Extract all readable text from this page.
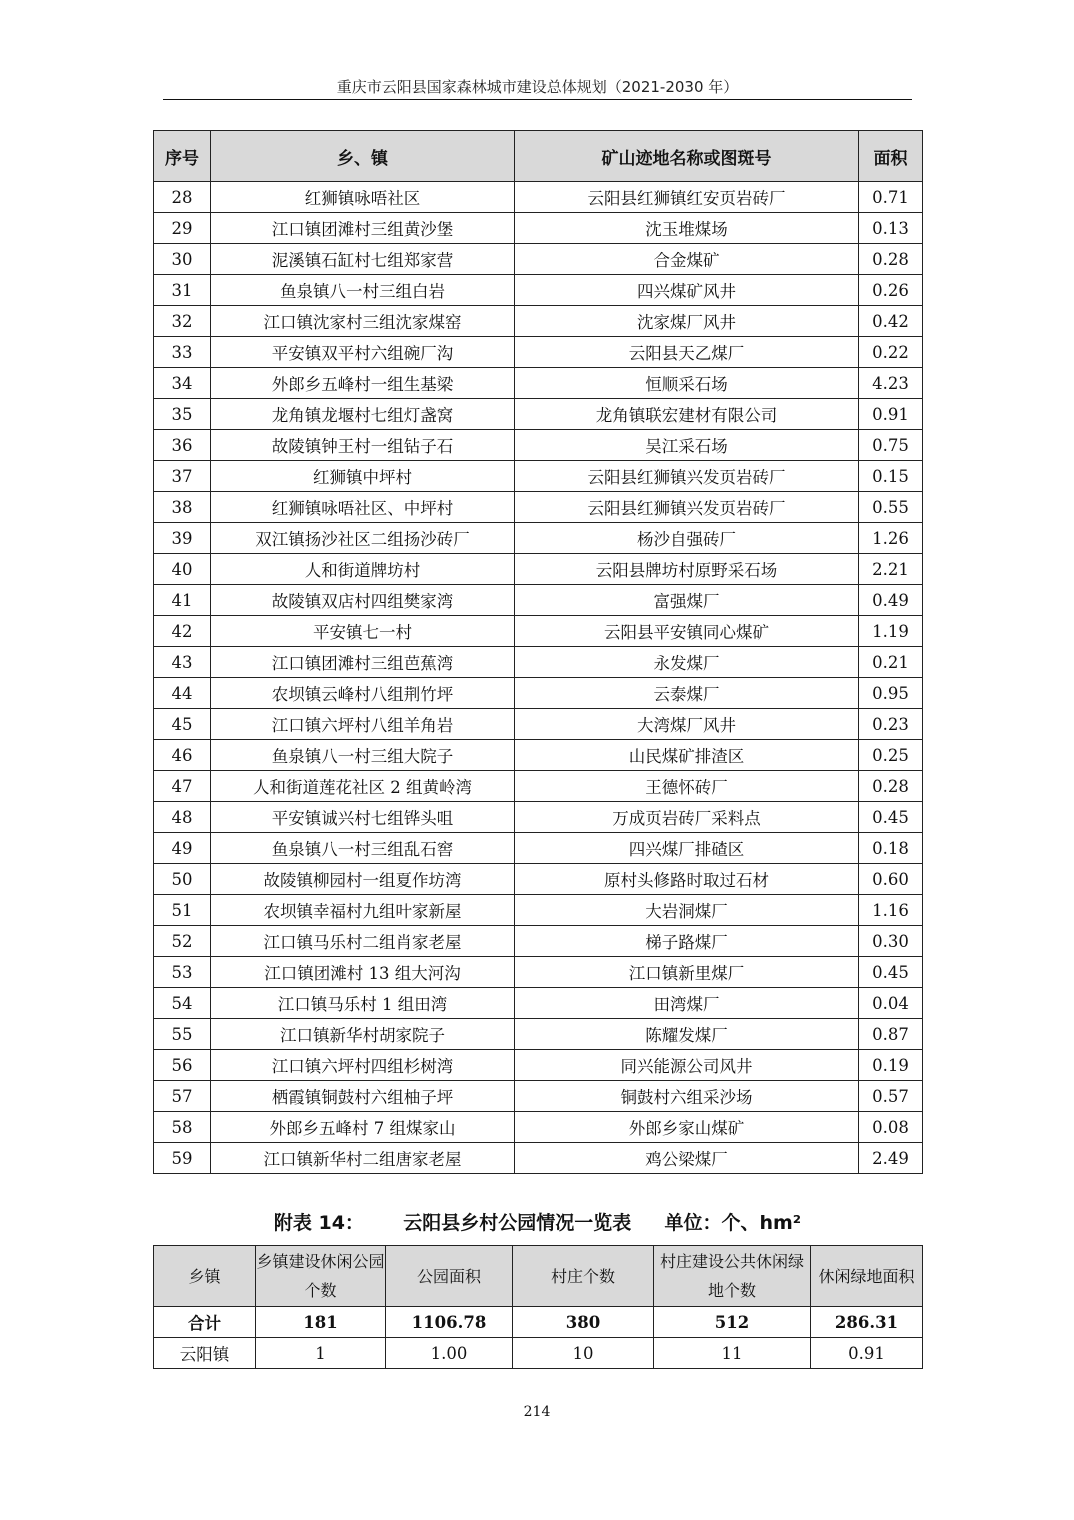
重庆市云阳县国家森林城市建设总体规划（2021-2030 年）
序号	乡、镇	矿山迹地名称或图斑号	面积
28	红狮镇咏唔社区	云阳县红狮镇红安页岩砖厂	0.71
29	江口镇团滩村三组黄沙堡	沈玉堆煤场	0.13
30	泥溪镇石缸村七组郑家营	合金煤矿	0.28
31	鱼泉镇八一村三组白岩	四兴煤矿风井	0.26
32	江口镇沈家村三组沈家煤窑	沈家煤厂风井	0.42
33	平安镇双平村六组碗厂沟	云阳县天乙煤厂	0.22
34	外郎乡五峰村一组生基梁	恒顺采石场	4.23
35	龙角镇龙堰村七组灯盏窝	龙角镇联宏建材有限公司	0.91
36	故陵镇钟王村一组钻子石	吴江采石场	0.75
37	红狮镇中坪村	云阳县红狮镇兴发页岩砖厂	0.15
38	红狮镇咏唔社区、中坪村	云阳县红狮镇兴发页岩砖厂	0.55
39	双江镇扬沙社区二组扬沙砖厂	杨沙自强砖厂	1.26
40	人和街道牌坊村	云阳县牌坊村原野采石场	2.21
41	故陵镇双店村四组樊家湾	富强煤厂	0.49
42	平安镇七一村	云阳县平安镇同心煤矿	1.19
43	江口镇团滩村三组芭蕉湾	永发煤厂	0.21
44	农坝镇云峰村八组荆竹坪	云泰煤厂	0.95
45	江口镇六坪村八组羊角岩	大湾煤厂风井	0.23
46	鱼泉镇八一村三组大院子	山民煤矿排渣区	0.25
47	人和街道莲花社区 2 组黄岭湾	王德怀砖厂	0.28
48	平安镇诚兴村七组铧头咀	万成页岩砖厂采料点	0.45
49	鱼泉镇八一村三组乱石窖	四兴煤厂排碴区	0.18
50	故陵镇柳园村一组夏作坊湾	原村头修路时取过石材	0.60
51	农坝镇幸福村九组叶家新屋	大岩洞煤厂	1.16
52	江口镇马乐村二组肖家老屋	梯子路煤厂	0.30
53	江口镇团滩村 13 组大河沟	江口镇新里煤厂	0.45
54	江口镇马乐村 1 组田湾	田湾煤厂	0.04
55	江口镇新华村胡家院子	陈耀发煤厂	0.87
56	江口镇六坪村四组杉树湾	同兴能源公司风井	0.19
57	栖霞镇铜鼓村六组柚子坪	铜鼓村六组采沙场	0.57
58	外郎乡五峰村 7 组煤家山	外郎乡家山煤矿	0.08
59	江口镇新华村二组唐家老屋	鸡公梁煤厂	2.49
附表 14： 云阳县乡村公园情况一览表 单位：个、hm²
乡镇	乡镇建设休闲公园个数	公园面积	村庄个数	村庄建设公共休闲绿地个数	休闲绿地面积
合计	181	1106.78	380	512	286.31
云阳镇	1	1.00	10	11	0.91
214
